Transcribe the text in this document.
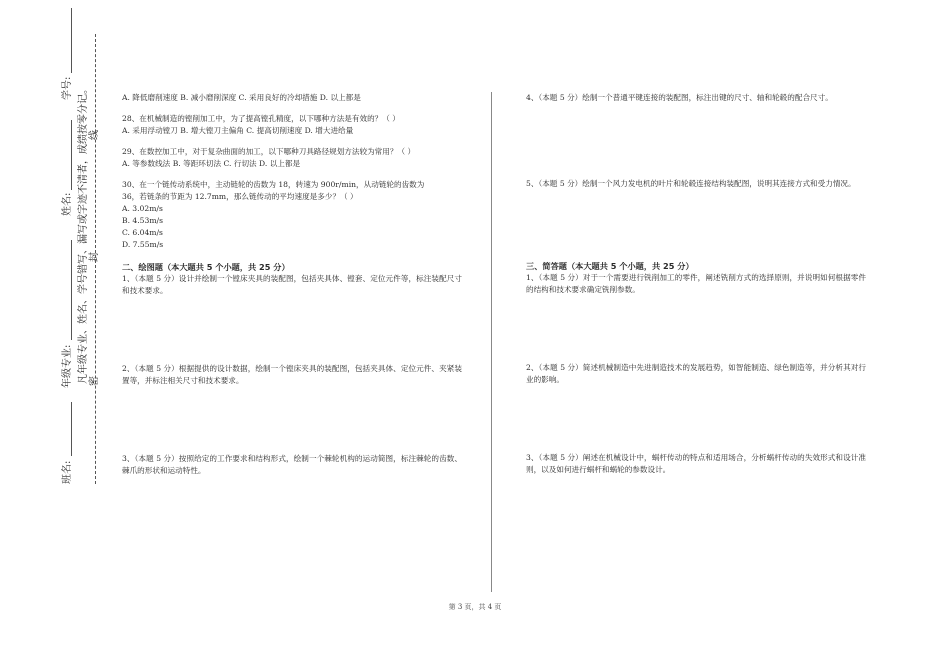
学号:
姓名:
年级专业:
班名:
凡年级专业、姓名、学号错写、漏写或字迹不清者，成绩按零分记。 密
封
线
A. 降低磨削速度 B. 减小磨削深度 C. 采用良好的冷却措施 D. 以上都是
28、在机械制造的镗削加工中，为了提高镗孔精度，以下哪种方法是有效的？（ ）
A. 采用浮动镗刀 B. 增大镗刀主偏角 C. 提高切削速度 D. 增大进给量
29、在数控加工中，对于复杂曲面的加工，以下哪种刀具路径规划方法较为常用？（ ）
A. 等参数线法 B. 等距环切法 C. 行切法 D. 以上都是
30、在一个链传动系统中，主动链轮的齿数为 18，转速为 900r/min，从动链轮的齿数为
36，若链条的节距为 12.7mm，那么链传动的平均速度是多少？（ ）
A. 3.02m/s
B. 4.53m/s
C. 6.04m/s
D. 7.55m/s
二、绘图题（本大题共 5 个小题，共 25 分）
1、（本题 5 分）设计并绘制一个镗床夹具的装配图，包括夹具体、镗套、定位元件等，标注装配尺寸和技术要求。
2、（本题 5 分）根据提供的设计数据，绘制一个镗床夹具的装配图，包括夹具体、定位元件、夹紧装置等，并标注相关尺寸和技术要求。
3、（本题 5 分）按照给定的工作要求和结构形式，绘制一个棘轮机构的运动简图，标注棘轮的齿数、棘爪的形状和运动特性。
4、（本题 5 分）绘制一个普通平键连接的装配图，标注出键的尺寸、轴和轮毂的配合尺寸。
5、（本题 5 分）绘制一个风力发电机的叶片和轮毂连接结构装配图，说明其连接方式和受力情况。
三、简答题（本大题共 5 个小题，共 25 分）
1、（本题 5 分）对于一个需要进行铣削加工的零件，阐述铣削方式的选择原则，并说明如何根据零件的结构和技术要求确定铣削参数。
2、（本题 5 分）简述机械制造中先进制造技术的发展趋势，如智能制造、绿色制造等，并分析其对行业的影响。
3、（本题 5 分）阐述在机械设计中，蜗杆传动的特点和适用场合，分析蜗杆传动的失效形式和设计准则，以及如何进行蜗杆和蜗轮的参数设计。
第 3 页，共 4 页
